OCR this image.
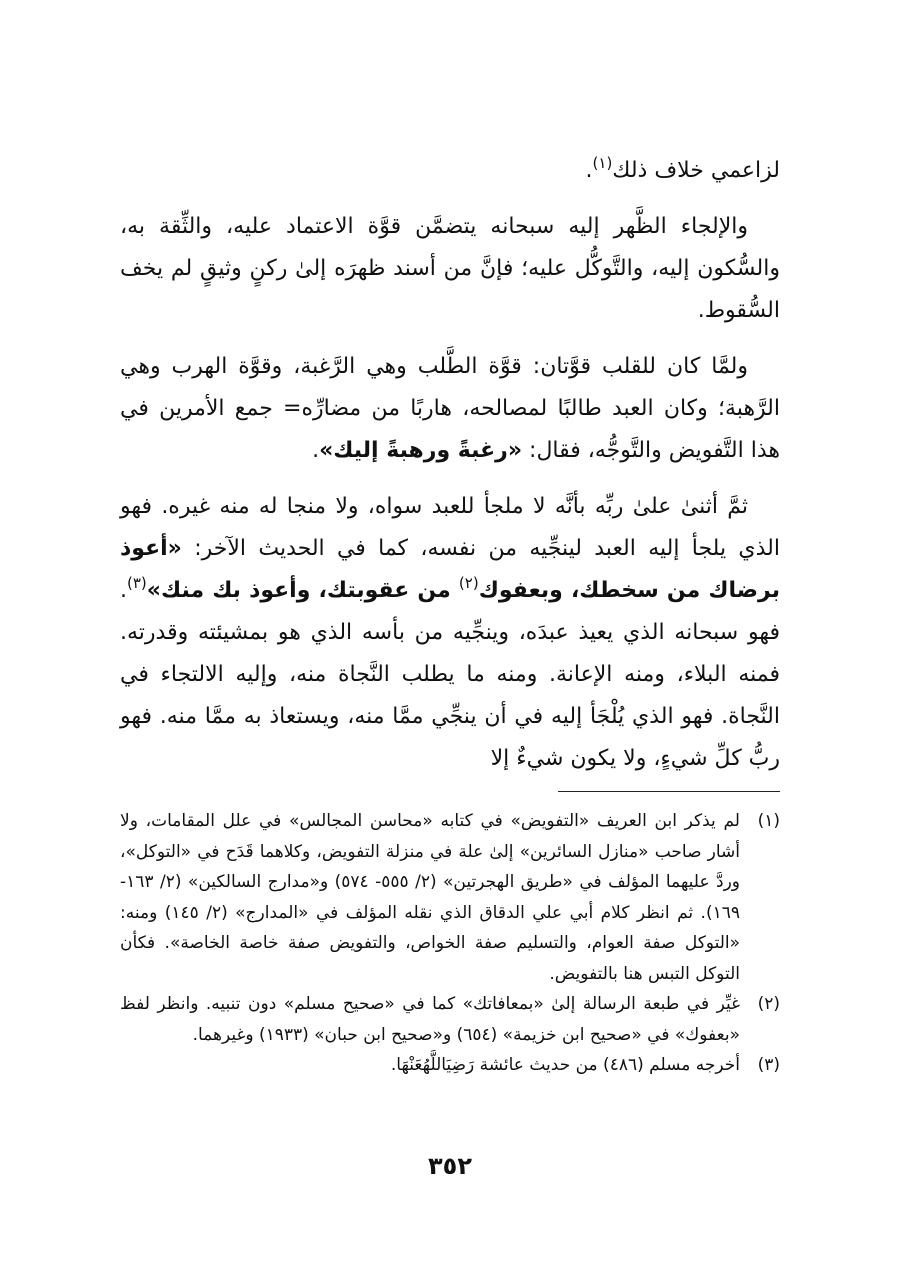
لزاعمي خلاف ذلك$^{(١)}$.

والإلجاء الظَّهر إليه سبحانه يتضمَّن قوَّة الاعتماد عليه، والثِّقة به، والسُّكون إليه، والتَّوكُّل عليه؛ فإنَّ من أسند ظهرَه إلىٰ ركنٍ وثيقٍ لم يخف السُّقوط.

ولمَّا كان للقلب قوَّتان: قوَّة الطَّلب وهي الرَّغبة، وقوَّة الهرب وهي الرَّهبة؛ وكان العبد طالبًا لمصالحه، هاربًا من مضارِّه= جمع الأمرين في هذا التَّفويض والتَّوجُّه، فقال: «رغبةً ورهبةً إليك».

ثمَّ أثنىٰ علىٰ ربِّه بأنَّه لا ملجأ للعبد سواه، ولا منجا له منه غيره. فهو الذي يلجأ إليه العبد لينجِّيه من نفسه، كما في الحديث الآخر: «أعوذ برضاك من سخطك، وبعفوك$^{(٢)}$ من عقوبتك، وأعوذ بك منك»$^{(٣)}$. فهو سبحانه الذي يعيذ عبدَه، وينجِّيه من بأسه الذي هو بمشيئته وقدرته. فمنه البلاء، ومنه الإعانة. ومنه ما يطلب النَّجاة منه، وإليه الالتجاء في النَّجاة. فهو الذي يُلْجَأ إليه في أن ينجِّي ممَّا منه، ويستعاذ به ممَّا منه. فهو ربُّ كلِّ شيءٍ، ولا يكون شيءٌ إلا

(١)
لم يذكر ابن العريف «التفويض» في كتابه «محاسن المجالس» في علل المقامات، ولا أشار صاحب «منازل السائرين» إلىٰ علة في منزلة التفويض، وكلاهما قَدَح في «التوكل»، وردَّ عليهما المؤلف في «طريق الهجرتين» (٢/ ٥٥٥- ٥٧٤) و«مدارج السالكين» (٢/ ١٦٣- ١٦٩). ثم انظر كلام أبي علي الدقاق الذي نقله المؤلف في «المدارج» (٢/ ١٤٥) ومنه: «التوكل صفة العوام، والتسليم صفة الخواص، والتفويض صفة خاصة الخاصة». فكأن التوكل التبس هنا بالتفويض.
(٢)
غيِّر في طبعة الرسالة إلىٰ «بمعافاتك» كما في «صحيح مسلم» دون تنبيه. وانظر لفظ «بعفوك» في «صحيح ابن خزيمة» (٦٥٤) و«صحيح ابن حبان» (١٩٣٣) وغيرهما.
(٣)
أخرجه مسلم (٤٨٦) من حديث عائشة رَضِيَاللَّهُعَنْهَا.
٣٥٢
